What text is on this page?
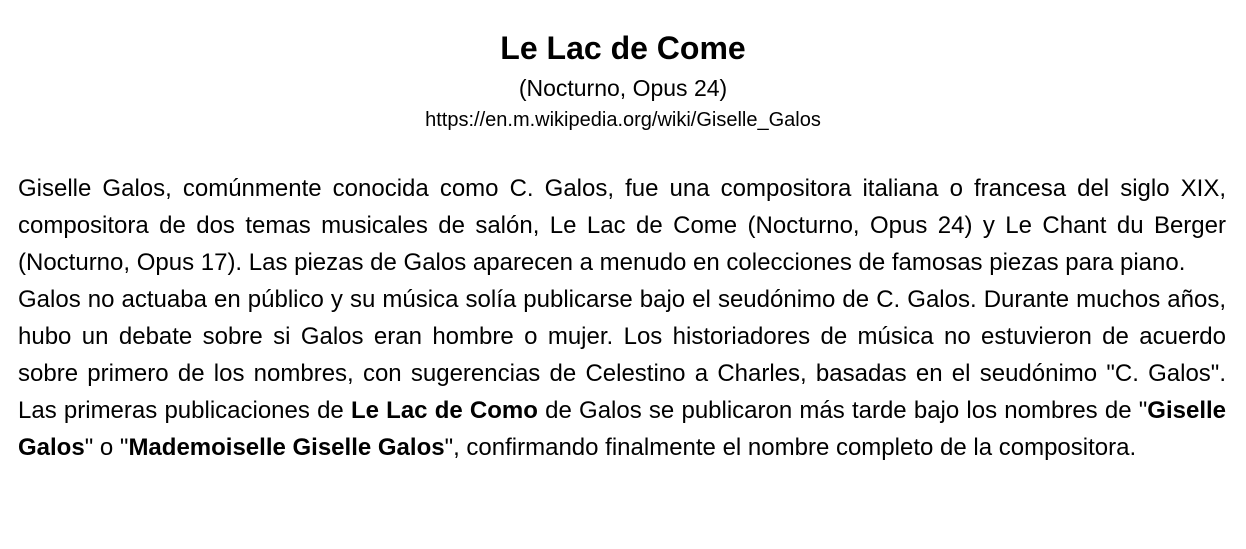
Le Lac de Come
(Nocturno, Opus 24)
https://en.m.wikipedia.org/wiki/Giselle_Galos

Giselle Galos, comúnmente conocida como C. Galos, fue una compositora italiana o francesa del siglo XIX, compositora de dos temas musicales de salón, Le Lac de Come (Nocturno, Opus 24) y Le Chant du Berger (Nocturno, Opus 17). Las piezas de Galos aparecen a menudo en colecciones de famosas piezas para piano.

Galos no actuaba en público y su música solía publicarse bajo el seudónimo de C. Galos. Durante muchos años, hubo un debate sobre si Galos eran hombre o mujer. Los historiadores de música no estuvieron de acuerdo sobre primero de los nombres, con sugerencias de Celestino a Charles, basadas en el seudónimo "C. Galos". Las primeras publicaciones de Le Lac de Como de Galos se publicaron más tarde bajo los nombres de "Giselle Galos" o "Mademoiselle Giselle Galos", confirmando finalmente el nombre completo de la compositora.
